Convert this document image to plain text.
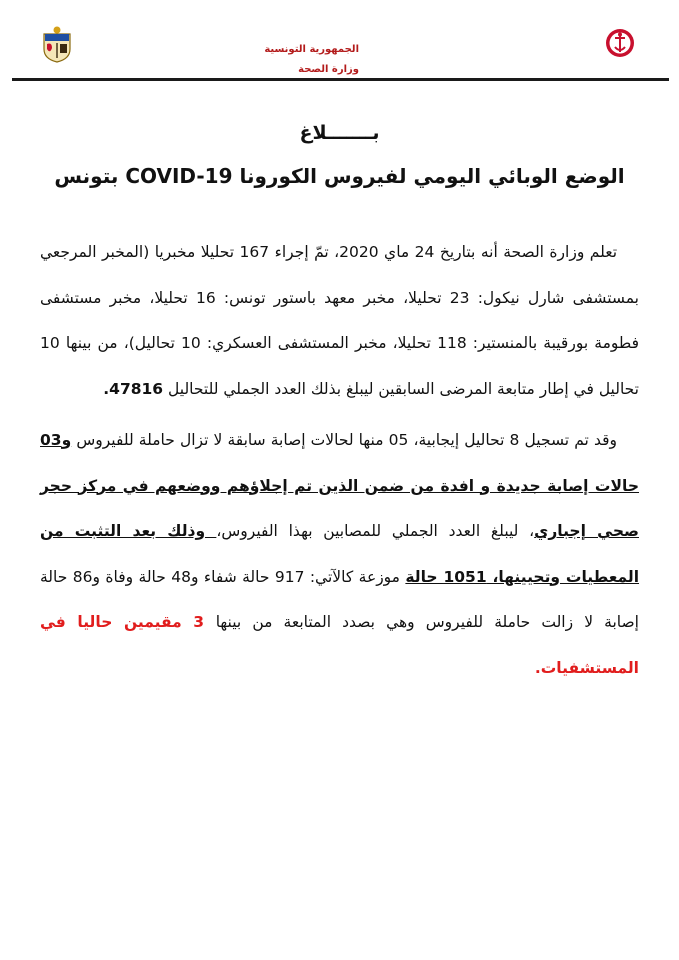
الجمهورية التونسية
وزارة الصحة
بـــــــلاغ
الوضع الوبائي اليومي لفيروس الكورونا COVID-19 بتونس

تعلم وزارة الصحة أنه بتاريخ 24 ماي 2020، تمّ إجراء 167 تحليلا مخبريا (المخبر المرجعي بمستشفى شارل نيكول: 23 تحليلا، مخبر معهد باستور تونس: 16 تحليلا، مخبر مستشفى فطومة بورقيبة بالمنستير: 118 تحليلا، مخبر المستشفى العسكري: 10 تحاليل)، من بينها 10 تحاليل في إطار متابعة المرضى السابقين ليبلغ بذلك العدد الجملي للتحاليل 47816.

وقد تم تسجيل 8 تحاليل إيجابية، 05 منها لحالات إصابة سابقة لا تزال حاملة للفيروس و03 حالات إصابة جديدة و افدة من ضمن الذين تم إجلاؤهم ووضعهم في مركز حجر صحي إجباري، ليبلغ العدد الجملي للمصابين بهذا الفيروس، وذلك بعد التثبت من المعطيات وتحيينها، 1051 حالة موزعة كالآتي: 917 حالة شفاء و48 حالة وفاة و86 حالة إصابة لا زالت حاملة للفيروس وهي بصدد المتابعة من بينها 3 مقيمين حاليا في المستشفيات.
